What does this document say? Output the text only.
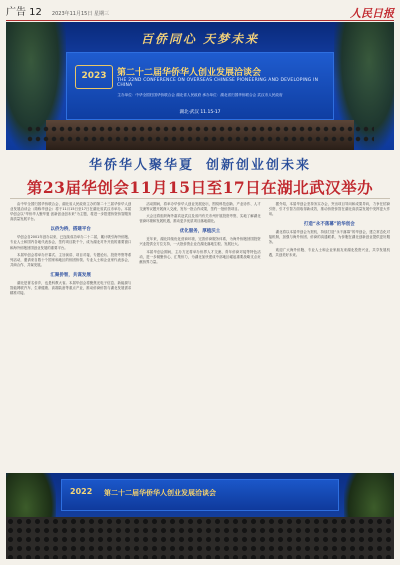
广告 12 2023年11月15日 星期三	人民日报
百侨同心 天梦未来
2023	第二十二届华侨华人创业发展洽谈会
THE 22ND CONFERENCE ON OVERSEAS CHINESE PIONEERING AND DEVELOPING IN CHINA
主办单位：中华全国归国华侨联合会 湖北省人民政府 承办单位：湖北省归国华侨联合会 武汉市人民政府
湖北·武汉 11.15-17
华侨华人聚华夏 创新创业创未来
第23届华创会11月15日至17日在湖北武汉举办

由中华全国归国华侨联合会、湖北省人民政府主办的第二十三届华侨华人创业发展洽谈会（简称华创会）将于11月15日至17日在湖北省武汉市举办。本届华创会以“华侨华人聚华夏 创新创业创未来”为主题，将进一步搭建侨资侨智服务高质量发展平台。

以侨为桥，搭建平台

华创会自2001年创办以来，已连续成功举办二十二届，累计吸引海外侨胞、专业人士和国内各地代表参会，签约项目数千个，成为湖北对外开放的重要窗口和海外侨胞回国创业发展的重要平台。

本届华创会将举办开幕式、主旨演讲、项目对接、专题论坛、投资考察等系列活动，邀请来自数十个国家和地区的侨团侨领、专业人士和企业家代表参会，共商合作、共谋发展。

汇聚侨智，共谋发展

湖北是著名侨乡，也是科教大省。本届华创会将聚焦光电子信息、新能源与智能网联汽车、生命健康、高端装备等重点产业，推动侨商侨智与湖北发展需求精准对接。

活动期间，将举办华侨华人创业发展论坛，围绕科技创新、产业协作、人才交流等议题开展深入交流，发布一批合作成果，签约一批侨资项目。

大会还将组织海外嘉宾赴武汉及省内有关市州开展投资考察，实地了解湖北营商环境和发展机遇，推动更多优质项目落地湖北。

优化服务，厚植沃土

近年来，湖北持续优化营商环境，完善侨商服务体系，为海外侨胞回国投资兴业提供全方位支持，一大批侨资企业在湖北落地生根、发展壮大。

本届华创会期间，主办方还将举办侨界人才交流、青年侨商对接等特色活动，进一步凝聚侨心、汇集侨力，为湖北加快建成中部地区崛起重要战略支点贡献侨界力量。

据介绍，本届华创会坚持务实办会，突出项目导向和成果导向，力争在招商引资、引才引智方面取得新成效，推动侨资侨智在湖北高质量发展中发挥更大作用。

打造“永不落幕”的华创会

湖北将以本届华创会为契机，持续打造“永不落幕”的华创会，建立常态化对接机制，加强与海外侨团、侨商的沟通联系，为侨胞在湖北创新创业提供更好服务。

欢迎广大海外侨胞、专业人士和企业家朋友来湖北投资兴业，共享发展机遇，共创美好未来。

2022 第二十二届华侨华人创业发展洽谈会
